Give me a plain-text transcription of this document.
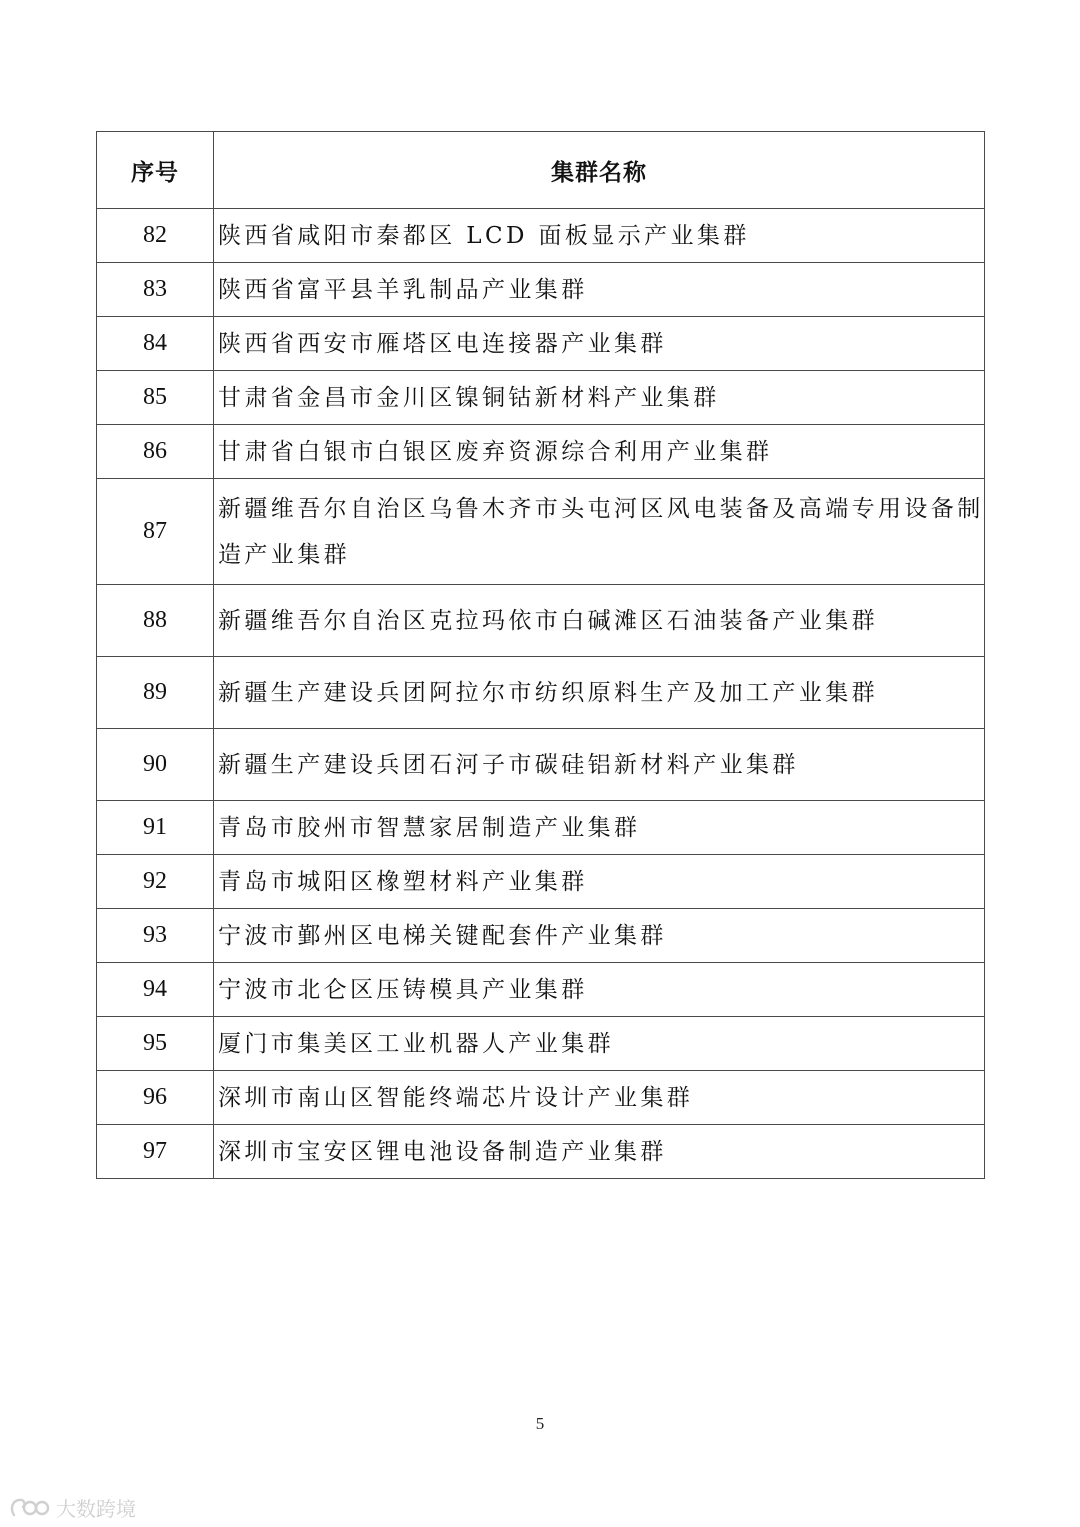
序号	集群名称
82	陕西省咸阳市秦都区 LCD 面板显示产业集群
83	陕西省富平县羊乳制品产业集群
84	陕西省西安市雁塔区电连接器产业集群
85	甘肃省金昌市金川区镍铜钴新材料产业集群
86	甘肃省白银市白银区废弃资源综合利用产业集群
87	新疆维吾尔自治区乌鲁木齐市头屯河区风电装备及高端专用设备制造产业集群
88	新疆维吾尔自治区克拉玛依市白碱滩区石油装备产业集群
89	新疆生产建设兵团阿拉尔市纺织原料生产及加工产业集群
90	新疆生产建设兵团石河子市碳硅铝新材料产业集群
91	青岛市胶州市智慧家居制造产业集群
92	青岛市城阳区橡塑材料产业集群
93	宁波市鄞州区电梯关键配套件产业集群
94	宁波市北仑区压铸模具产业集群
95	厦门市集美区工业机器人产业集群
96	深圳市南山区智能终端芯片设计产业集群
97	深圳市宝安区锂电池设备制造产业集群
5
大数跨境
